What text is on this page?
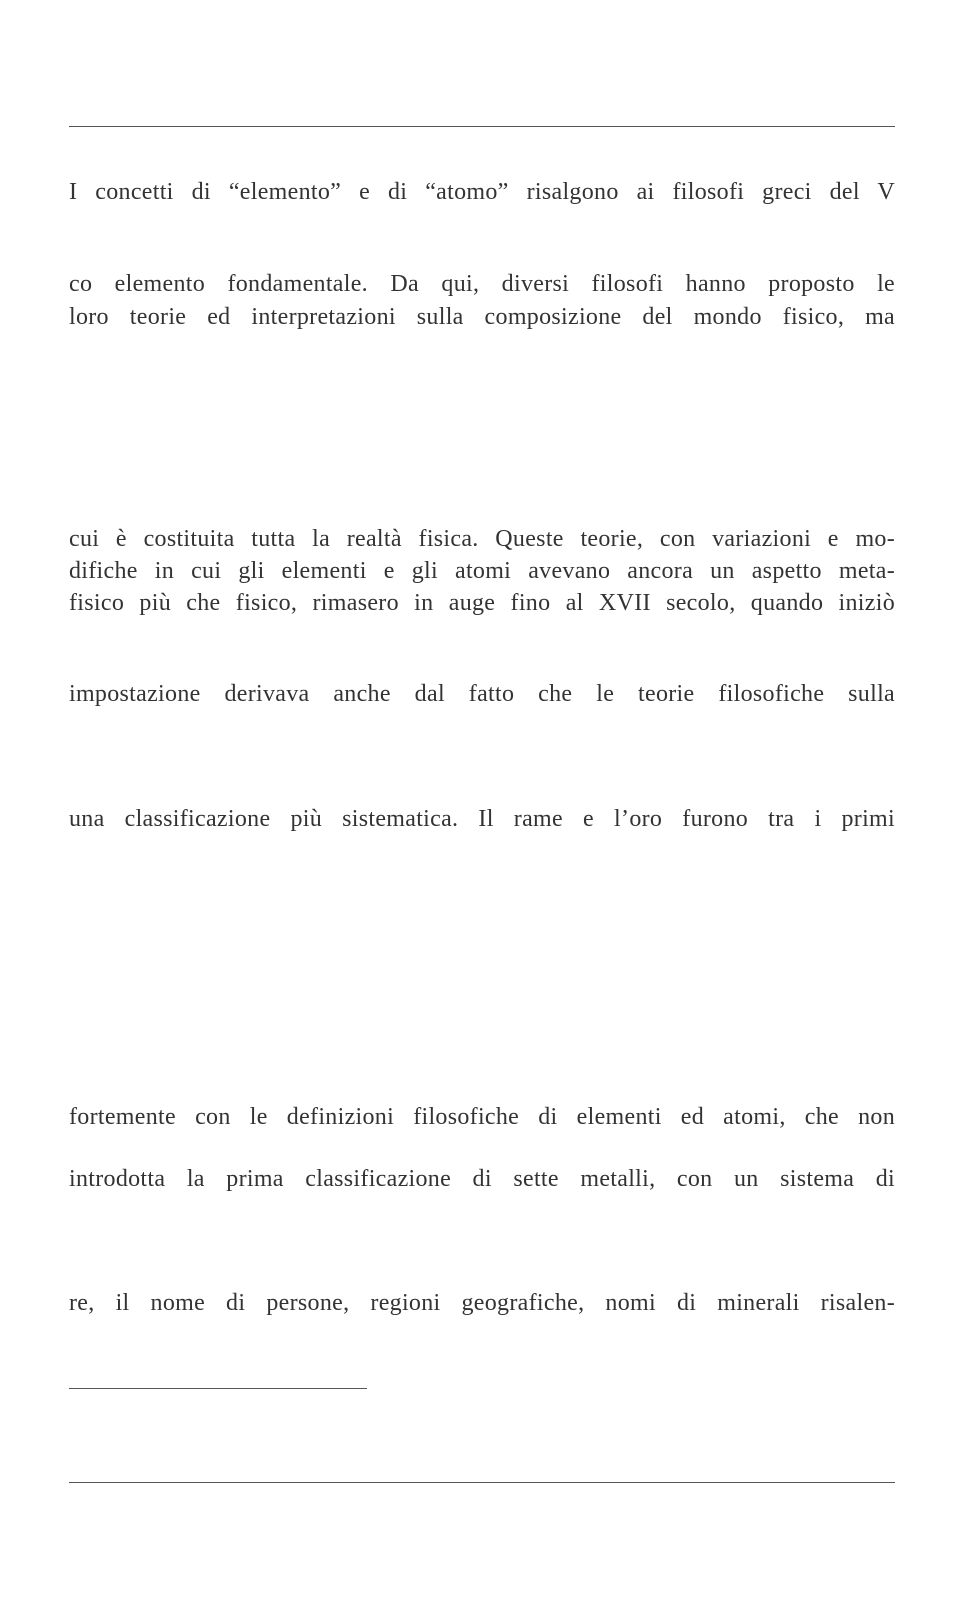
I concetti di “elemento” e di “atomo” risalgono ai filosofi greci del V
co elemento fondamentale. Da qui, diversi filosofi hanno proposto le
loro teorie ed interpretazioni sulla composizione del mondo fisico, ma
cui è costituita tutta la realtà fisica. Queste teorie, con variazioni e mo-
difiche in cui gli elementi e gli atomi avevano ancora un aspetto meta-
fisico più che fisico, rimasero in auge fino al XVII secolo, quando iniziò
impostazione derivava anche dal fatto che le teorie filosofiche sulla
una classificazione più sistematica. Il rame e l’oro furono tra i primi
fortemente con le definizioni filosofiche di elementi ed atomi, che non
introdotta la prima classificazione di sette metalli, con un sistema di
re, il nome di persone, regioni geografiche, nomi di minerali risalen-
